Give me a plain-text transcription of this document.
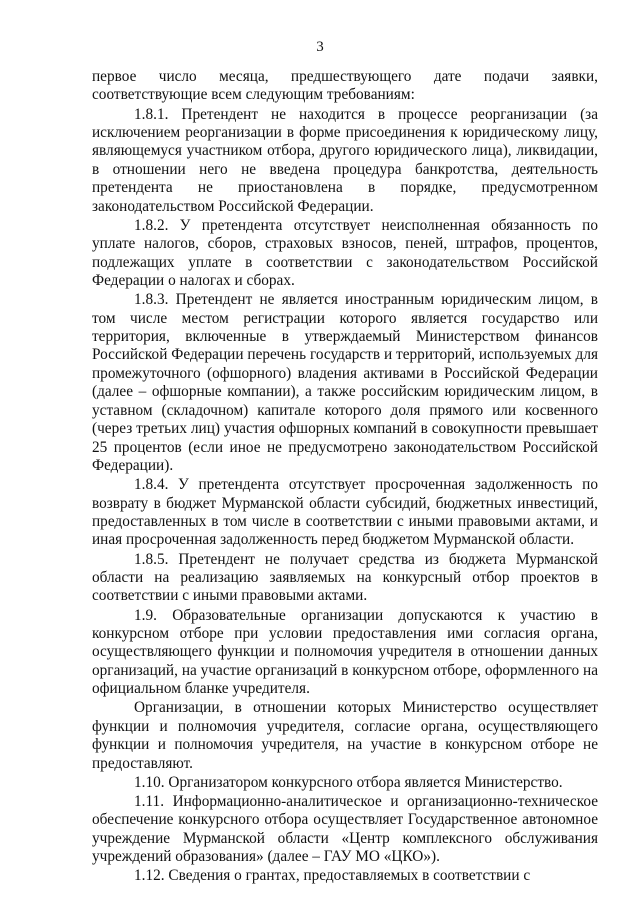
3

первое число месяца, предшествующего дате подачи заявки, соответствующие всем следующим требованиям:

1.8.1. Претендент не находится в процессе реорганизации (за исключением реорганизации в форме присоединения к юридическому лицу, являющемуся участником отбора, другого юридического лица), ликвидации, в отношении него не введена процедура банкротства, деятельность претендента не приостановлена в порядке, предусмотренном законодательством Российской Федерации.

1.8.2. У претендента отсутствует неисполненная обязанность по уплате налогов, сборов, страховых взносов, пеней, штрафов, процентов, подлежащих уплате в соответствии с законодательством Российской Федерации о налогах и сборах.

1.8.3. Претендент не является иностранным юридическим лицом, в том числе местом регистрации которого является государство или территория, включенные в утверждаемый Министерством финансов Российской Федерации перечень государств и территорий, используемых для промежуточного (офшорного) владения активами в Российской Федерации (далее – офшорные компании), а также российским юридическим лицом, в уставном (складочном) капитале которого доля прямого или косвенного (через третьих лиц) участия офшорных компаний в совокупности превышает 25 процентов (если иное не предусмотрено законодательством Российской Федерации).

1.8.4. У претендента отсутствует просроченная задолженность по возврату в бюджет Мурманской области субсидий, бюджетных инвестиций, предоставленных в том числе в соответствии с иными правовыми актами, и иная просроченная задолженность перед бюджетом Мурманской области.

1.8.5. Претендент не получает средства из бюджета Мурманской области на реализацию заявляемых на конкурсный отбор проектов в соответствии с иными правовыми актами.

1.9. Образовательные организации допускаются к участию в конкурсном отборе при условии предоставления ими согласия органа, осуществляющего функции и полномочия учредителя в отношении данных организаций, на участие организаций в конкурсном отборе, оформленного на официальном бланке учредителя.

Организации, в отношении которых Министерство осуществляет функции и полномочия учредителя, согласие органа, осуществляющего функции и полномочия учредителя, на участие в конкурсном отборе не предоставляют.

1.10. Организатором конкурсного отбора является Министерство.

1.11. Информационно-аналитическое и организационно-техническое обеспечение конкурсного отбора осуществляет Государственное автономное учреждение Мурманской области «Центр комплексного обслуживания учреждений образования» (далее – ГАУ МО «ЦКО»).

1.12. Сведения о грантах, предоставляемых в соответствии с
